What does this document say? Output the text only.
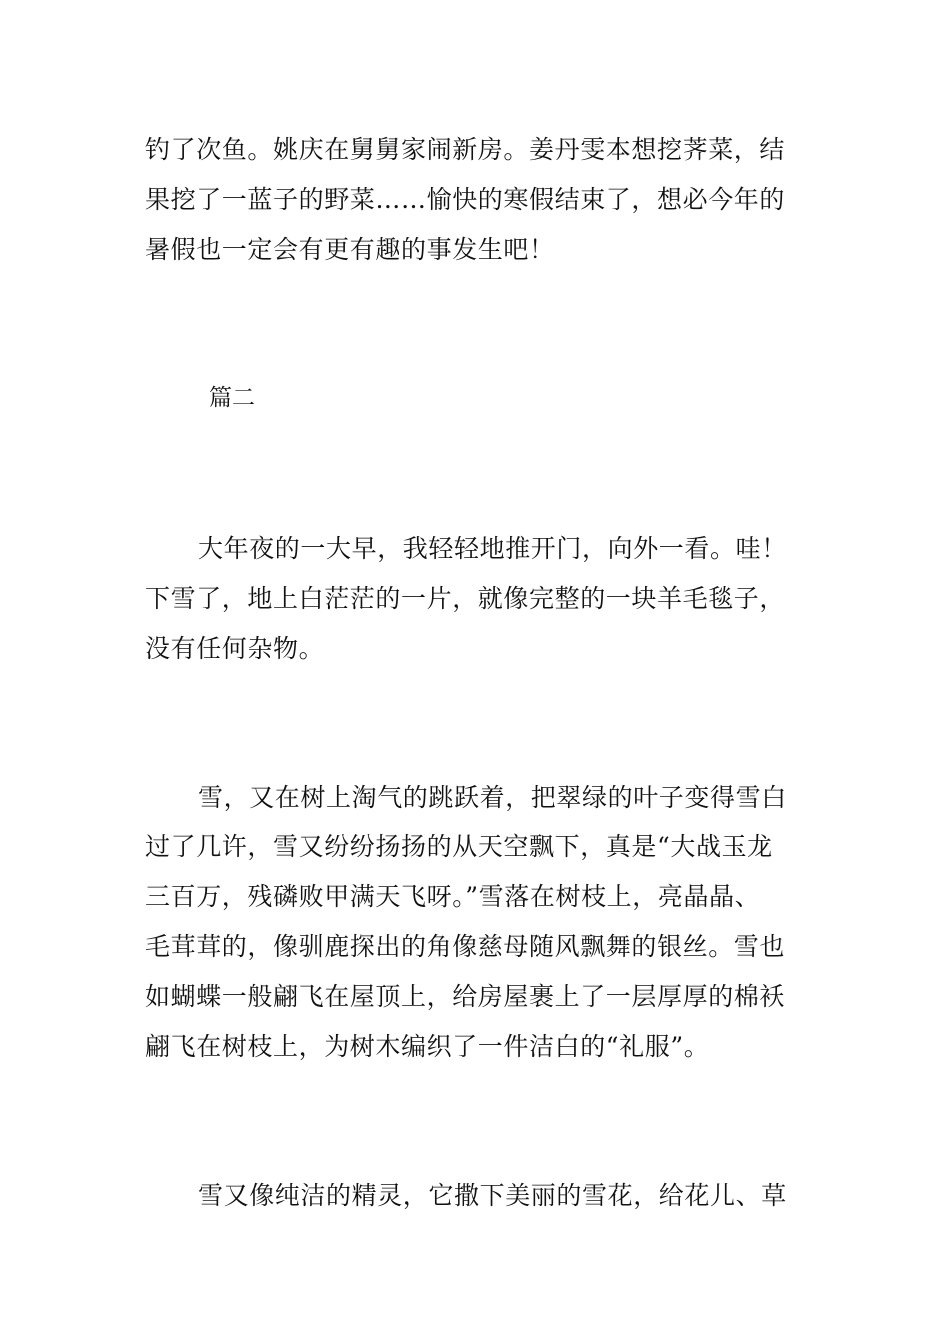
钓了次鱼。姚庆在舅舅家闹新房。姜丹雯本想挖荠菜，结
果挖了一蓝子的野菜……愉快的寒假结束了，想必今年的
暑假也一定会有更有趣的事发生吧！
篇二
大年夜的一大早，我轻轻地推开门，向外一看。哇！
下雪了，地上白茫茫的一片，就像完整的一块羊毛毯子，
没有任何杂物。
雪，又在树上淘气的跳跃着，把翠绿的叶子变得雪白
过了几许，雪又纷纷扬扬的从天空飘下，真是“大战玉龙
三百万，残磷败甲满天飞呀。”雪落在树枝上，亮晶晶、
毛茸茸的，像驯鹿探出的角像慈母随风飘舞的银丝。雪也
如蝴蝶一般翩飞在屋顶上，给房屋裹上了一层厚厚的棉袄
翩飞在树枝上，为树木编织了一件洁白的“礼服”。
雪又像纯洁的精灵，它撒下美丽的雪花，给花儿、草
